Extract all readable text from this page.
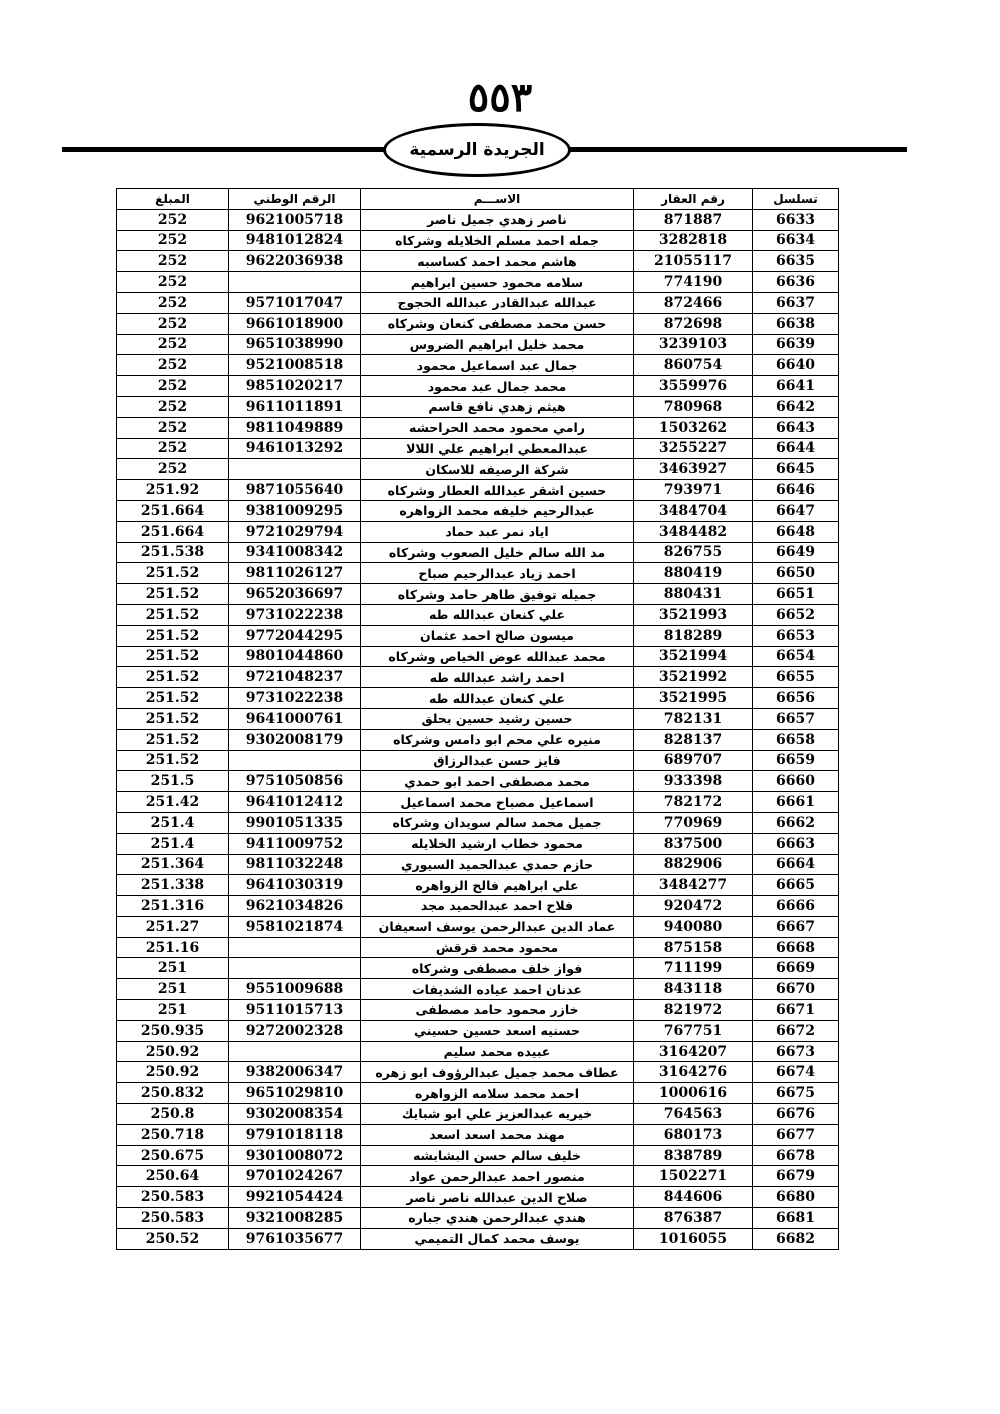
٥٥٣
الجريدة الرسمية
تسلسل	رقم العقار	الاســـم	الرقم الوطني	المبلغ
6633	871887	ناصر زهدي جميل ناصر	9621005718	252
6634	3282818	جمله احمد مسلم الخلايله وشركاه	9481012824	252
6635	21055117	هاشم محمد احمد كساسبه	9622036938	252
6636	774190	سلامه محمود حسين ابراهيم		252
6637	872466	عبدالله عبدالقادر عبدالله الحجوج	9571017047	252
6638	872698	حسن محمد مصطفى كنعان وشركاه	9661018900	252
6639	3239103	محمد خليل ابراهيم الضروس	9651038990	252
6640	860754	جمال عبد اسماعيل محمود	9521008518	252
6641	3559976	محمد جمال عبد محمود	9851020217	252
6642	780968	هيثم زهدي نافع قاسم	9611011891	252
6643	1503262	رامي محمود محمد الحراحشه	9811049889	252
6644	3255227	عبدالمعطي ابراهيم علي اللالا	9461013292	252
6645	3463927	شركة الرصيفه للاسكان		252
6646	793971	حسين اشقر عبدالله العطار وشركاه	9871055640	251.92
6647	3484704	عبدالرحيم خليفه محمد الزواهره	9381009295	251.664
6648	3484482	اياد نمر عبد حماد	9721029794	251.664
6649	826755	مد الله سالم خليل الصعوب وشركاه	9341008342	251.538
6650	880419	احمد زياد عبدالرحيم صباح	9811026127	251.52
6651	880431	جميله توفيق طاهر حامد وشركاه	9652036697	251.52
6652	3521993	علي كنعان عبدالله طه	9731022238	251.52
6653	818289	ميسون صالح احمد عثمان	9772044295	251.52
6654	3521994	محمد عبدالله عوض الخياص وشركاه	9801044860	251.52
6655	3521992	احمد راشد عبدالله طه	9721048237	251.52
6656	3521995	علي كنعان عبدالله طه	9731022238	251.52
6657	782131	حسين رشيد حسين بحلق	9641000761	251.52
6658	828137	منيره علي محم ابو دامس وشركاه	9302008179	251.52
6659	689707	فايز حسن عبدالرزاق		251.52
6660	933398	محمد مصطفى احمد ابو حمدي	9751050856	251.5
6661	782172	اسماعيل مصباح محمد اسماعيل	9641012412	251.42
6662	770969	جميل محمد سالم سويدان وشركاه	9901051335	251.4
6663	837500	محمود خطاب ارشيد الخلايله	9411009752	251.4
6664	882906	حازم حمدي عبدالحميد السيوري	9811032248	251.364
6665	3484277	علي ابراهيم فالح الزواهره	9641030319	251.338
6666	920472	فلاح احمد عبدالحميد مجد	9621034826	251.316
6667	940080	عماد الدين عبدالرحمن يوسف اسعيفان	9581021874	251.27
6668	875158	محمود محمد قرقش		251.16
6669	711199	فواز خلف مصطفى وشركاه		251
6670	843118	عدنان احمد عياده الشديفات	9551009688	251
6671	821972	خازر محمود حامد مصطفى	9511015713	251
6672	767751	حسنيه اسعد حسين حسيني	9272002328	250.935
6673	3164207	عبيده محمد سليم		250.92
6674	3164276	عطاف محمد جميل عبدالرؤوف ابو زهره	9382006347	250.92
6675	1000616	احمد محمد سلامه الزواهره	9651029810	250.832
6676	764563	خيريه عبدالعزيز علي ابو شبايك	9302008354	250.8
6677	680173	مهند محمد اسعد اسعد	9791018118	250.718
6678	838789	خليف سالم حسن البشابشه	9301008072	250.675
6679	1502271	منصور احمد عبدالرحمن عواد	9701024267	250.64
6680	844606	صلاح الدين عبدالله ناصر ناصر	9921054424	250.583
6681	876387	هندي عبدالرحمن هندي جباره	9321008285	250.583
6682	1016055	يوسف محمد كمال التميمي	9761035677	250.52
